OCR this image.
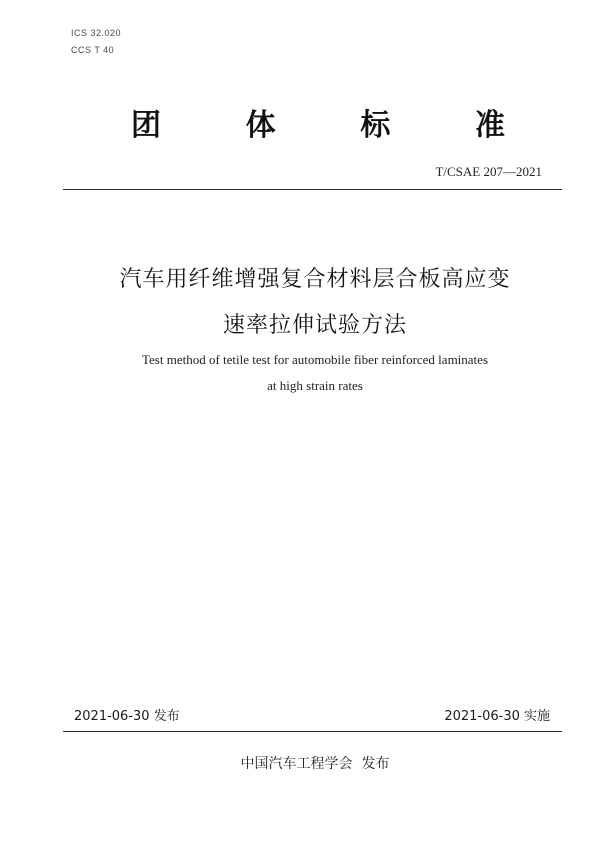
ICS 32.020
CCS T 40
团	体	标	准
T/CSAE 207—2021
汽车用纤维增强复合材料层合板高应变
速率拉伸试验方法
Test method of tetile test for automobile fiber reinforced laminates
at high strain rates
2021-06-30 发布	2021-06-30 实施
中国汽车工程学会  发布
